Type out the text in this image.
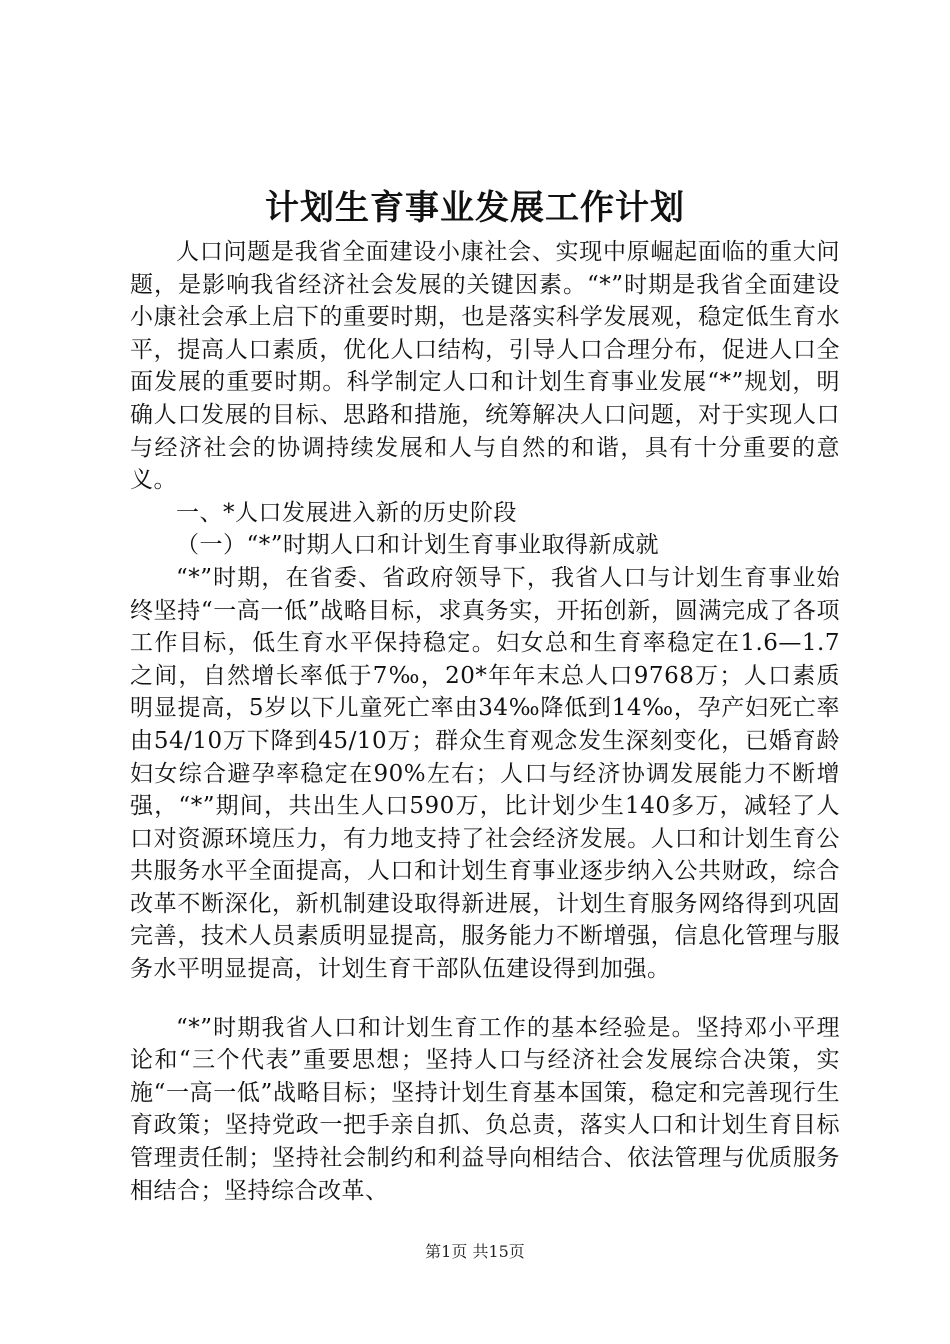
计划生育事业发展工作计划

人口问题是我省全面建设小康社会、实现中原崛起面临的重大问题，是影响我省经济社会发展的关键因素。“*”时期是我省全面建设小康社会承上启下的重要时期，也是落实科学发展观，稳定低生育水平，提高人口素质，优化人口结构，引导人口合理分布，促进人口全面发展的重要时期。科学制定人口和计划生育事业发展“*”规划，明确人口发展的目标、思路和措施，统筹解决人口问题，对于实现人口与经济社会的协调持续发展和人与自然的和谐，具有十分重要的意义。

一、*人口发展进入新的历史阶段

（一）“*”时期人口和计划生育事业取得新成就

“*”时期，在省委、省政府领导下，我省人口与计划生育事业始终坚持“一高一低”战略目标，求真务实，开拓创新，圆满完成了各项工作目标，低生育水平保持稳定。妇女总和生育率稳定在1.6—1.7之间，自然增长率低于7‰，20*年年末总人口9768万；人口素质明显提高，5岁以下儿童死亡率由34‰降低到14‰，孕产妇死亡率由54/10万下降到45/10万；群众生育观念发生深刻变化，已婚育龄妇女综合避孕率稳定在90%左右；人口与经济协调发展能力不断增强，“*”期间，共出生人口590万，比计划少生140多万，减轻了人口对资源环境压力，有力地支持了社会经济发展。人口和计划生育公共服务水平全面提高，人口和计划生育事业逐步纳入公共财政，综合改革不断深化，新机制建设取得新进展，计划生育服务网络得到巩固完善，技术人员素质明显提高，服务能力不断增强，信息化管理与服务水平明显提高，计划生育干部队伍建设得到加强。

“*”时期我省人口和计划生育工作的基本经验是。坚持邓小平理论和“三个代表”重要思想；坚持人口与经济社会发展综合决策，实施“一高一低”战略目标；坚持计划生育基本国策，稳定和完善现行生育政策；坚持党政一把手亲自抓、负总责，落实人口和计划生育目标管理责任制；坚持社会制约和利益导向相结合、依法管理与优质服务相结合；坚持综合改革、

第1页 共15页
